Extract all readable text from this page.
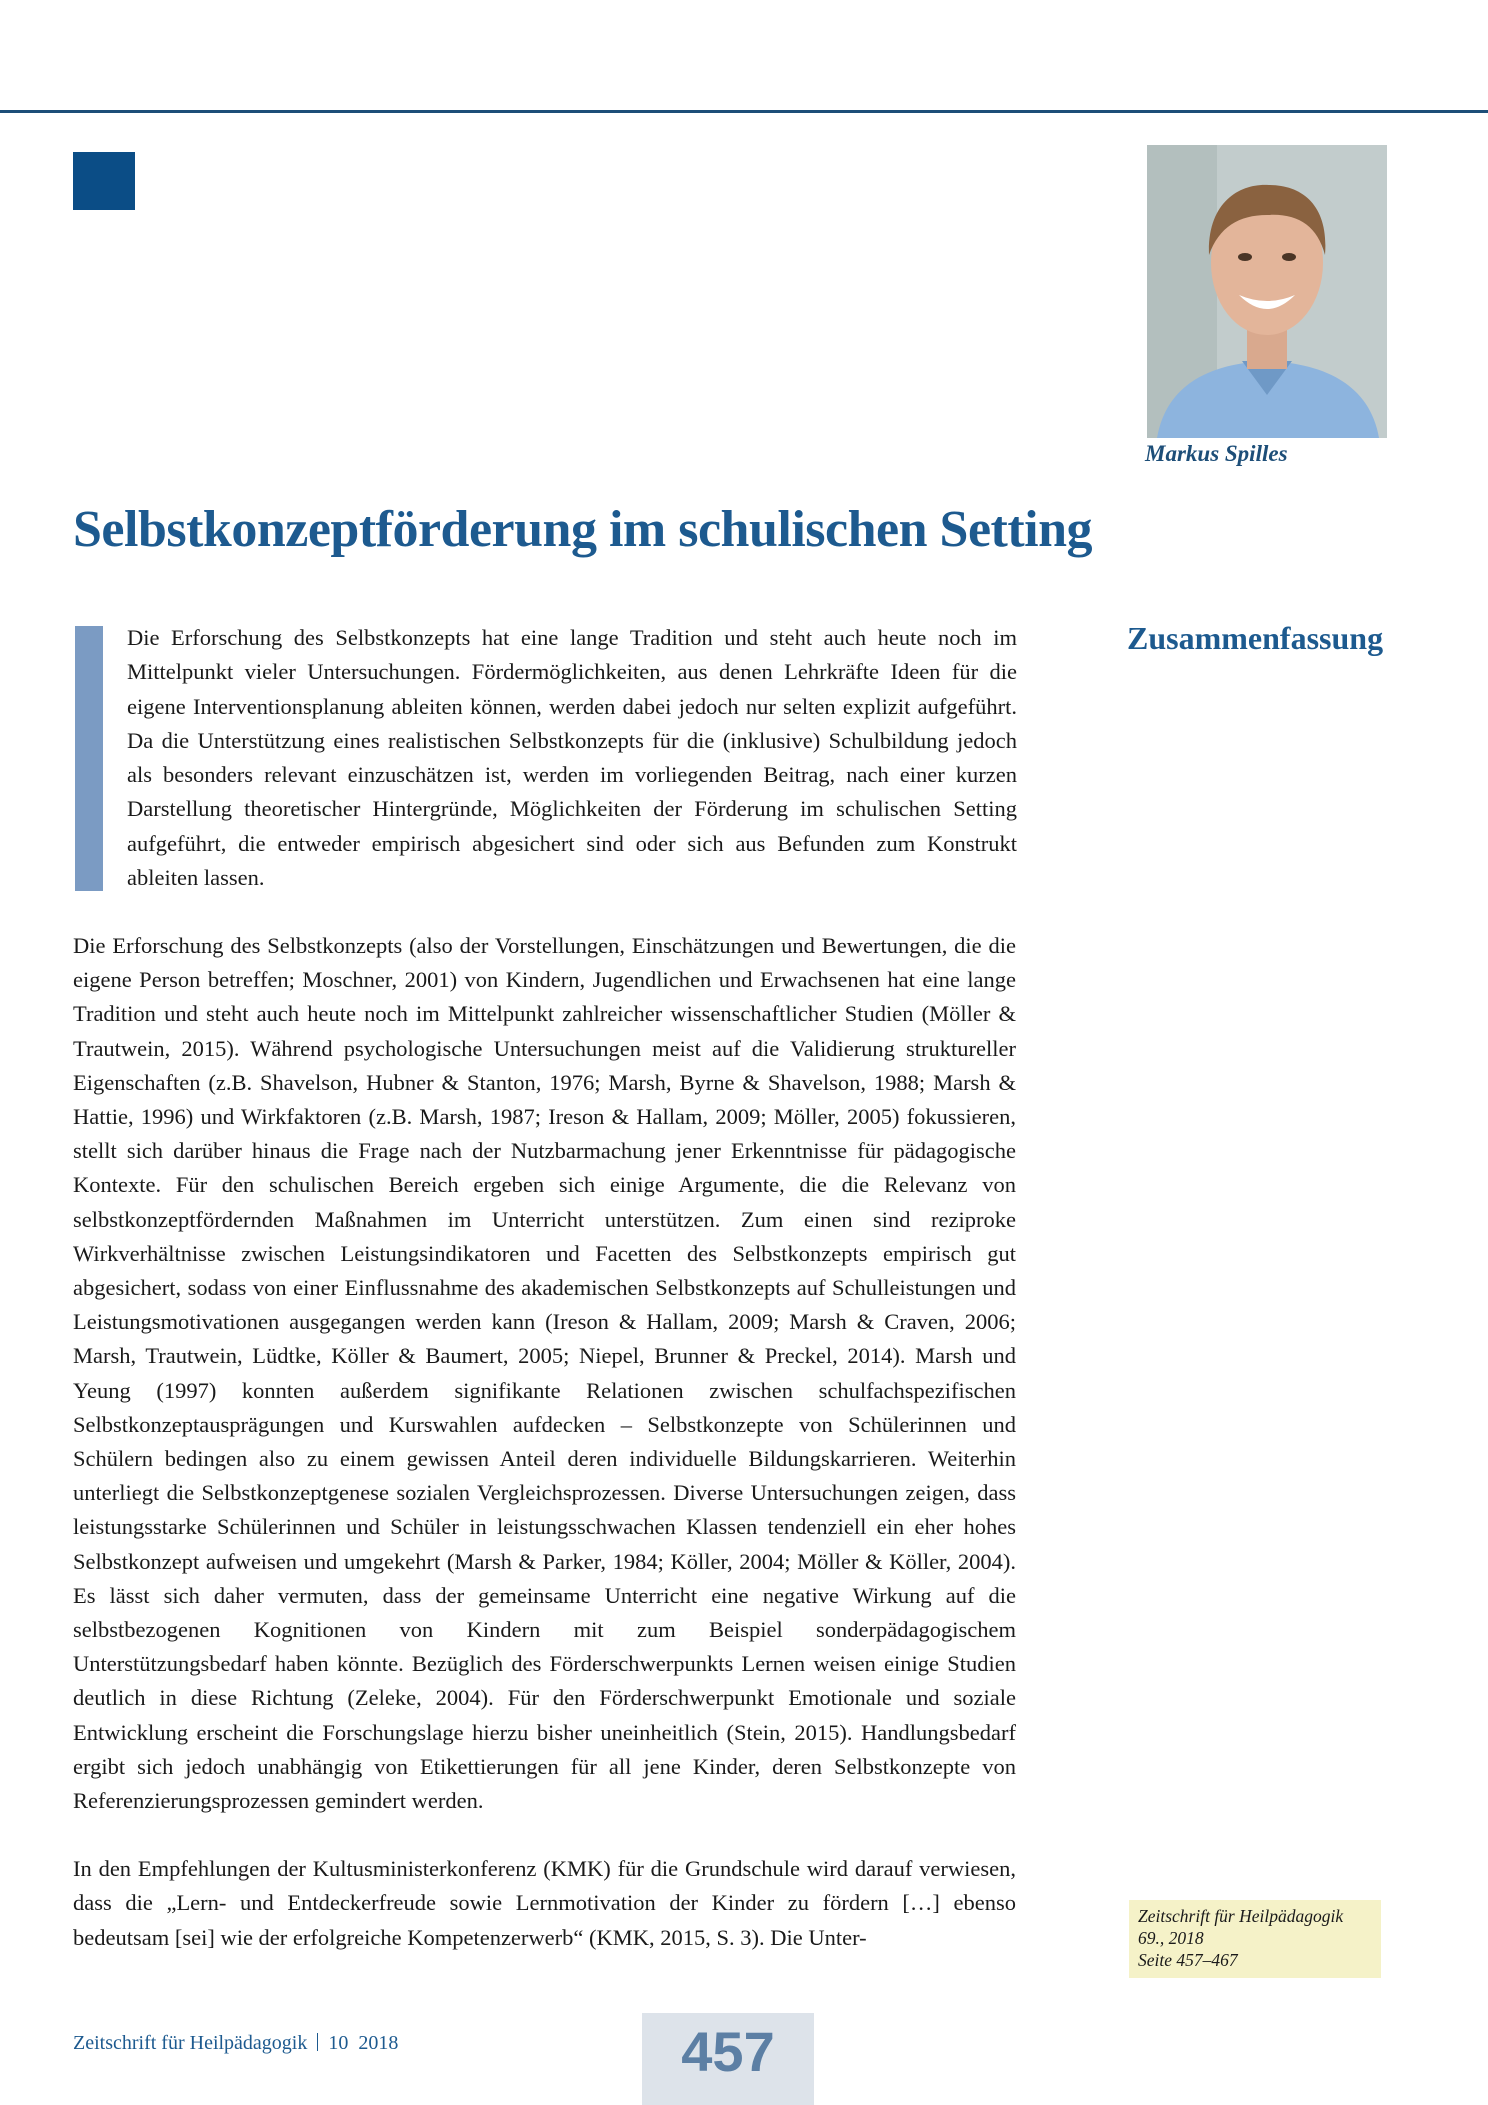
Markus Spilles
Selbstkonzeptförderung im schulischen Setting

Die Erforschung des Selbstkonzepts hat eine lange Tradition und steht auch heute noch im Mittelpunkt vieler Untersuchungen. Fördermöglichkeiten, aus denen Lehrkräfte Ideen für die eigene Interventionsplanung ableiten können, werden dabei jedoch nur selten explizit aufgeführt. Da die Unterstützung eines realistischen Selbstkonzepts für die (inklusive) Schulbildung jedoch als besonders relevant einzuschätzen ist, werden im vorliegenden Beitrag, nach einer kurzen Darstellung theoretischer Hintergründe, Möglichkeiten der Förderung im schulischen Setting aufgeführt, die entweder empirisch abgesichert sind oder sich aus Befunden zum Konstrukt ableiten lassen.

Zusammenfassung

Die Erforschung des Selbstkonzepts (also der Vorstellungen, Einschätzungen und Bewertungen, die die eigene Person betreffen; Moschner, 2001) von Kindern, Jugendlichen und Erwachsenen hat eine lange Tradition und steht auch heute noch im Mittelpunkt zahlreicher wissenschaftlicher Studien (Möller & Trautwein, 2015). Während psychologische Untersuchungen meist auf die Validierung struktureller Eigenschaften (z.B. Shavelson, Hubner & Stanton, 1976; Marsh, Byrne & Shavelson, 1988; Marsh & Hattie, 1996) und Wirkfaktoren (z.B. Marsh, 1987; Ireson & Hallam, 2009; Möller, 2005) fokussieren, stellt sich darüber hinaus die Frage nach der Nutzbarmachung jener Erkenntnisse für pädagogische Kontexte. Für den schulischen Bereich ergeben sich einige Argumente, die die Relevanz von selbstkonzeptfördernden Maßnahmen im Unterricht unterstützen. Zum einen sind reziproke Wirkverhältnisse zwischen Leistungsindikatoren und Facetten des Selbstkonzepts empirisch gut abgesichert, sodass von einer Einflussnahme des akademischen Selbstkonzepts auf Schulleistungen und Leistungsmotivationen ausgegangen werden kann (Ireson & Hallam, 2009; Marsh & Craven, 2006; Marsh, Trautwein, Lüdtke, Köller & Baumert, 2005; Niepel, Brunner & Preckel, 2014). Marsh und Yeung (1997) konnten außerdem signifikante Relationen zwischen schulfachspezifischen Selbstkonzeptausprägungen und Kurswahlen aufdecken – Selbstkonzepte von Schülerinnen und Schülern bedingen also zu einem gewissen Anteil deren individuelle Bildungskarrieren. Weiterhin unterliegt die Selbstkonzeptgenese sozialen Vergleichsprozessen. Diverse Untersuchungen zeigen, dass leistungsstarke Schülerinnen und Schüler in leistungsschwachen Klassen tendenziell ein eher hohes Selbstkonzept aufweisen und umgekehrt (Marsh & Parker, 1984; Köller, 2004; Möller & Köller, 2004). Es lässt sich daher vermuten, dass der gemeinsame Unterricht eine negative Wirkung auf die selbstbezogenen Kognitionen von Kindern mit zum Beispiel sonderpädagogischem Unterstützungsbedarf haben könnte. Bezüglich des Förderschwerpunkts Lernen weisen einige Studien deutlich in diese Richtung (Zeleke, 2004). Für den Förderschwerpunkt Emotionale und soziale Entwicklung erscheint die Forschungslage hierzu bisher uneinheitlich (Stein, 2015). Handlungsbedarf ergibt sich jedoch unabhängig von Etikettierungen für all jene Kinder, deren Selbstkonzepte von Referenzierungsprozessen gemindert werden.

In den Empfehlungen der Kultusministerkonferenz (KMK) für die Grundschule wird darauf verwiesen, dass die „Lern- und Entdeckerfreude sowie Lernmotivation der Kinder zu fördern […] ebenso bedeutsam [sei] wie der erfolgreiche Kompetenzerwerb“ (KMK, 2015, S. 3). Die Unter-

Zeitschrift für Heilpädagogik
69., 2018
Seite 457–467
Zeitschrift für Heilpädagogik 10  2018	457
